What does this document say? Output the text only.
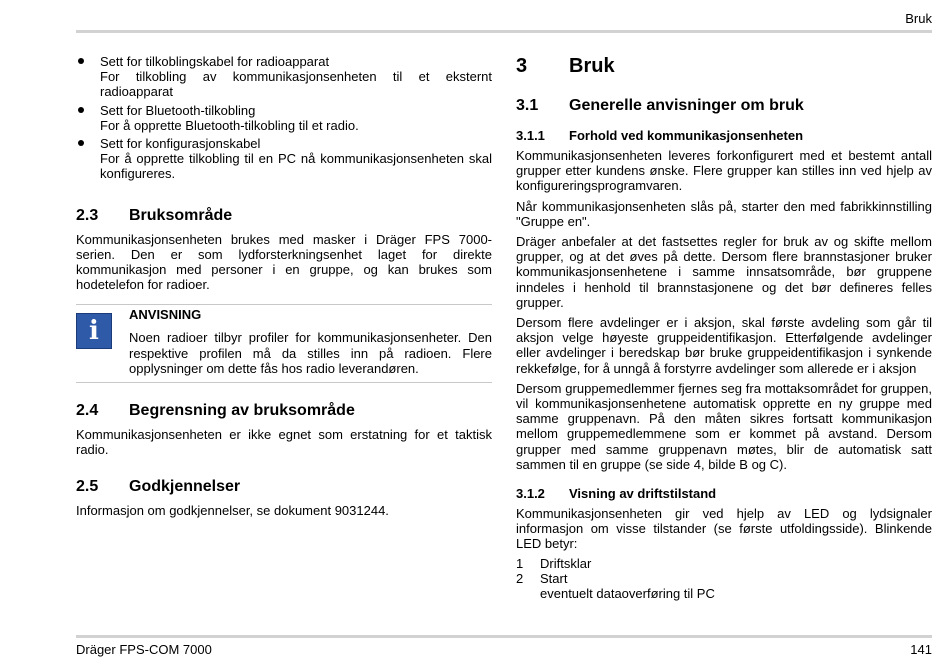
Bruk

Sett for tilkoblingskabel for radioapparat

For tilkobling av kommunikasjonsenheten til et eksternt radioapparat

Sett for Bluetooth-tilkobling

For å opprette Bluetooth-tilkobling til et radio.

Sett for konfigurasjonskabel

For å opprette tilkobling til en PC nå kommunikasjonsenheten skal konfigureres.

2.3	Bruksområde

Kommunikasjonsenheten brukes med masker i Dräger FPS 7000-serien. Den er som lydforsterkningsenhet laget for direkte kommunikasjon med personer i en gruppe, og kan brukes som hodetelefon for radioer.

i
ANVISNING

Noen radioer tilbyr profiler for kommunikasjonsenheter. Den respektive profilen må da stilles inn på radioen. Flere opplysninger om dette fås hos radio leverandøren.

2.4	Begrensning av bruksområde

Kommunikasjonsenheten er ikke egnet som erstatning for et taktisk radio.

2.5	Godkjennelser

Informasjon om godkjennelser, se dokument 9031244.

3	Bruk
3.1	Generelle anvisninger om bruk
3.1.1	Forhold ved kommunikasjonsenheten

Kommunikasjonsenheten leveres forkonfigurert med et bestemt antall grupper etter kundens ønske. Flere grupper kan stilles inn ved hjelp av konfigureringsprogramvaren.

Når kommunikasjonsenheten slås på, starter den med fabrikkinnstilling "Gruppe en".

Dräger anbefaler at det fastsettes regler for bruk av og skifte mellom grupper, og at det øves på dette. Dersom flere brannstasjoner bruker kommunikasjonsenhetene i samme innsatsområde, bør gruppene inndeles i henhold til brannstasjonene og det bør defineres felles grupper.

Dersom flere avdelinger er i aksjon, skal første avdeling som går til aksjon velge høyeste gruppeidentifikasjon. Etterfølgende avdelinger eller avdelinger i beredskap bør bruke gruppeidentifikasjon i synkende rekkefølge, for å unngå å forstyrre avdelinger som allerede er i aksjon

Dersom gruppemedlemmer fjernes seg fra mottaksområdet for gruppen, vil kommunikasjonsenhetene automatisk opprette en ny gruppe med samme gruppenavn. På den måten sikres fortsatt kommunikasjon mellom gruppemedlemmene som er kommet på avstand. Dersom grupper med samme gruppenavn møtes, blir de automatisk satt sammen til en gruppe (se side 4, bilde B og C).

3.1.2	Visning av driftstilstand

Kommunikasjonsenheten gir ved hjelp av LED og lydsignaler informasjon om visse tilstander (se første utfoldingsside). Blinkende LED betyr:

1	Driftsklar
2	Start
eventuelt dataoverføring til PC
Dräger FPS-COM 7000	141
